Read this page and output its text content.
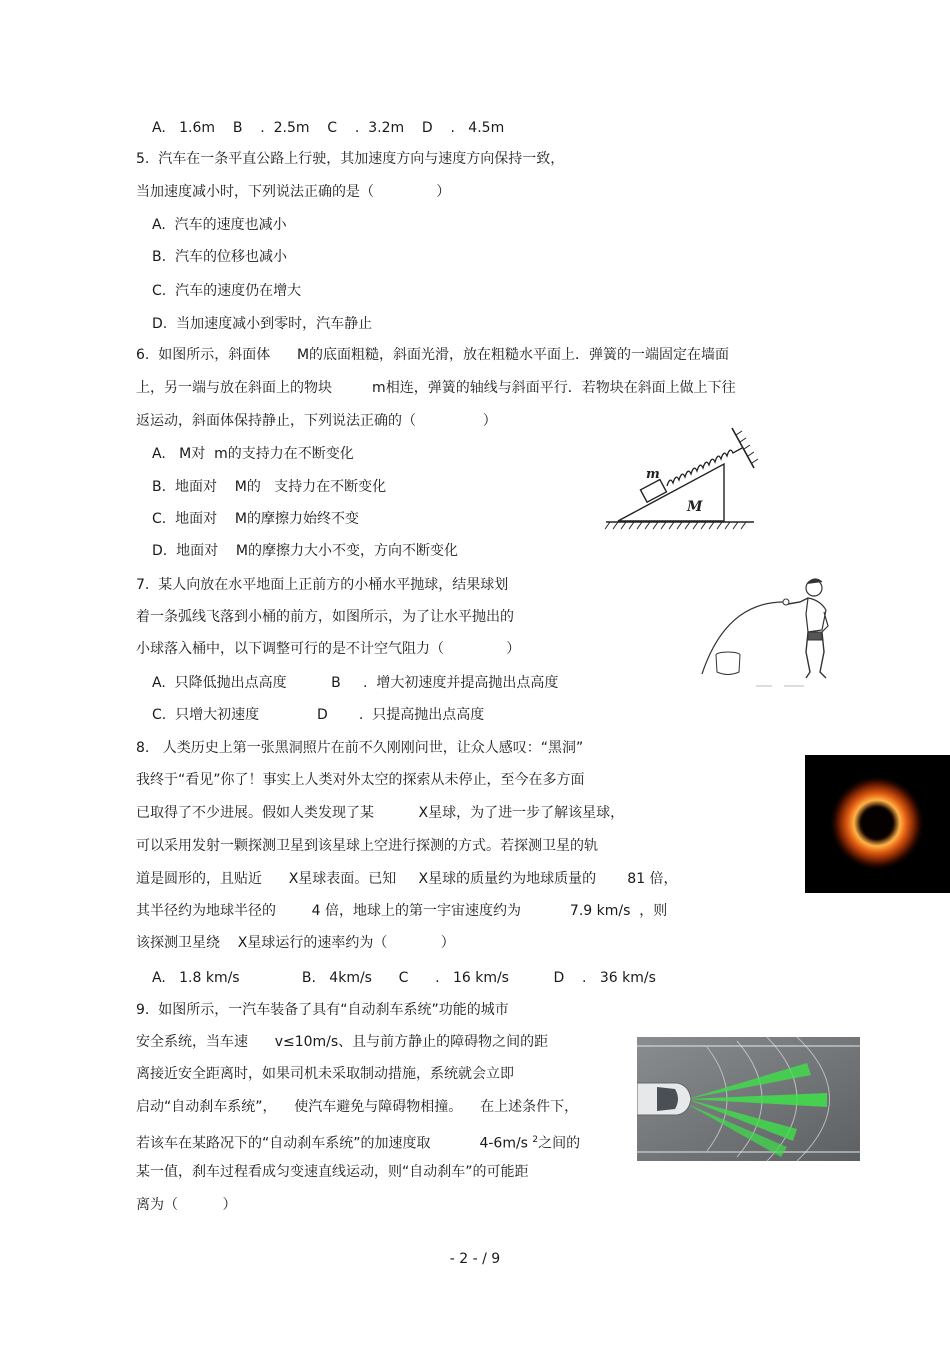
A.   1.6m    B    .  2.5m    C    .  3.2m    D    .   4.5m
5.  汽车在一条平直公路上行驶，其加速度方向与速度方向保持一致，
当加速度减小时，下列说法正确的是（              ）
A.  汽车的速度也减小
B.  汽车的位移也减小
C.  汽车的速度仍在增大
D.  当加速度减小到零时，汽车静止
6.  如图所示，斜面体      M的底面粗糙，斜面光滑，放在粗糙水平面上．弹簧的一端固定在墙面
上，另一端与放在斜面上的物块         m相连，弹簧的轴线与斜面平行．若物块在斜面上做上下往
返运动，斜面体保持静止，下列说法正确的（               ）
A.   M对  m的支持力在不断变化
B.  地面对    M的   支持力在不断变化
C.  地面对    M的摩擦力始终不变
D.  地面对    M的摩擦力大小不变，方向不断变化
m
M
7.  某人向放在水平地面上正前方的小桶水平抛球，结果球划
着一条弧线飞落到小桶的前方，如图所示，为了让水平抛出的
小球落入桶中，以下调整可行的是不计空气阻力（              ）
A.  只降低抛出点高度          B     .  增大初速度并提高抛出点高度
C.  只增大初速度             D       .  只提高抛出点高度
8.   人类历史上第一张黑洞照片在前不久刚刚问世，让众人感叹：“黑洞”
我终于“看见”你了！事实上人类对外太空的探索从未停止，至今在多方面
已取得了不少进展。假如人类发现了某          X星球，为了进一步了解该星球，
可以采用发射一颗探测卫星到该星球上空进行探测的方式。若探测卫星的轨
道是圆形的，且贴近      X星球表面。已知     X星球的质量约为地球质量的       81 倍，
其半径约为地球半径的        4 倍，地球上的第一宇宙速度约为           7.9 km/s  ，则
该探测卫星绕    X星球运行的速率约为（            ）
A.   1.8 km/s              B.   4km/s      C      .   16 km/s          D    .   36 km/s
9.  如图所示，一汽车装备了具有“自动刹车系统”功能的城市
安全系统，当车速      v≤10m/s、且与前方静止的障碍物之间的距
离接近安全距离时，如果司机未采取制动措施，系统就会立即
启动“自动刹车系统”，    使汽车避免与障碍物相撞。    在上述条件下，
若该车在某路况下的“自动刹车系统”的加速度取           4-6m/s $^2$之间的
某一值，刹车过程看成匀变速直线运动，则“自动刹车”的可能距
离为（          ）
- 2 - / 9
